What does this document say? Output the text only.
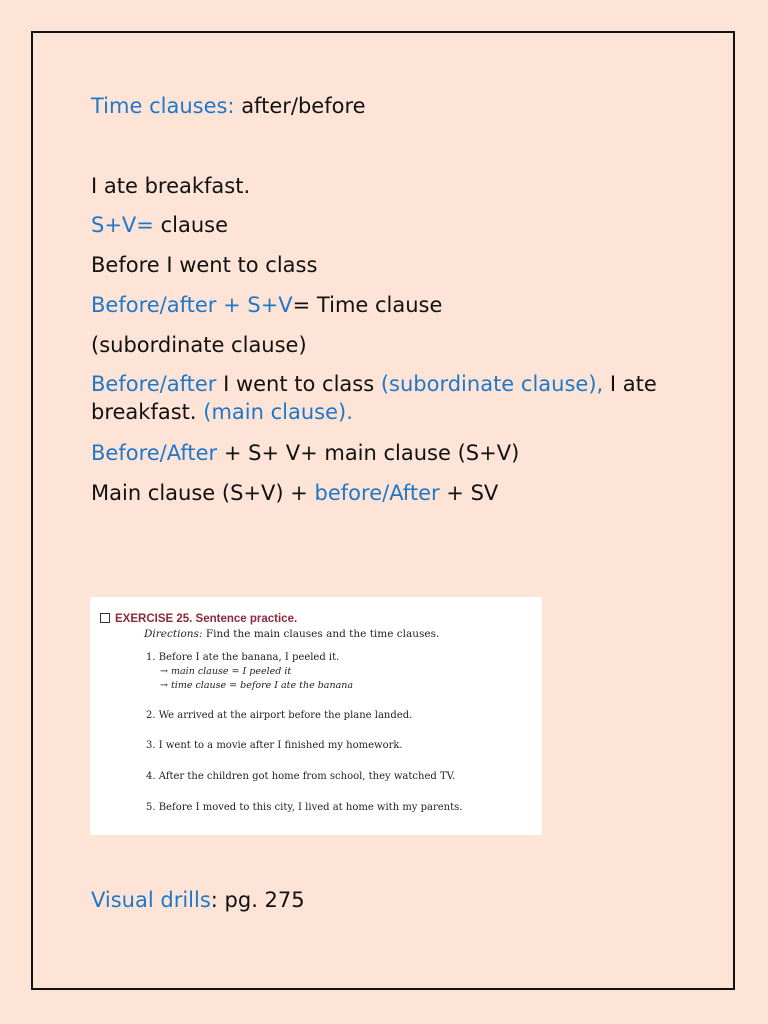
Time clauses: after/before
I ate breakfast.
S+V= clause
Before I went to class
Before/after + S+V= Time clause
(subordinate clause)
Before/after I went to class (subordinate clause), I ate breakfast. (main clause).
Before/After + S+ V+ main clause (S+V)
Main clause (S+V) + before/After + SV
EXERCISE 25. Sentence practice.
Directions: Find the main clauses and the time clauses.
1. Before I ate the banana, I peeled it.
→ main clause = I peeled it
→ time clause = before I ate the banana
2. We arrived at the airport before the plane landed.
3. I went to a movie after I finished my homework.
4. After the children got home from school, they watched TV.
5. Before I moved to this city, I lived at home with my parents.
Visual drills: pg. 275
